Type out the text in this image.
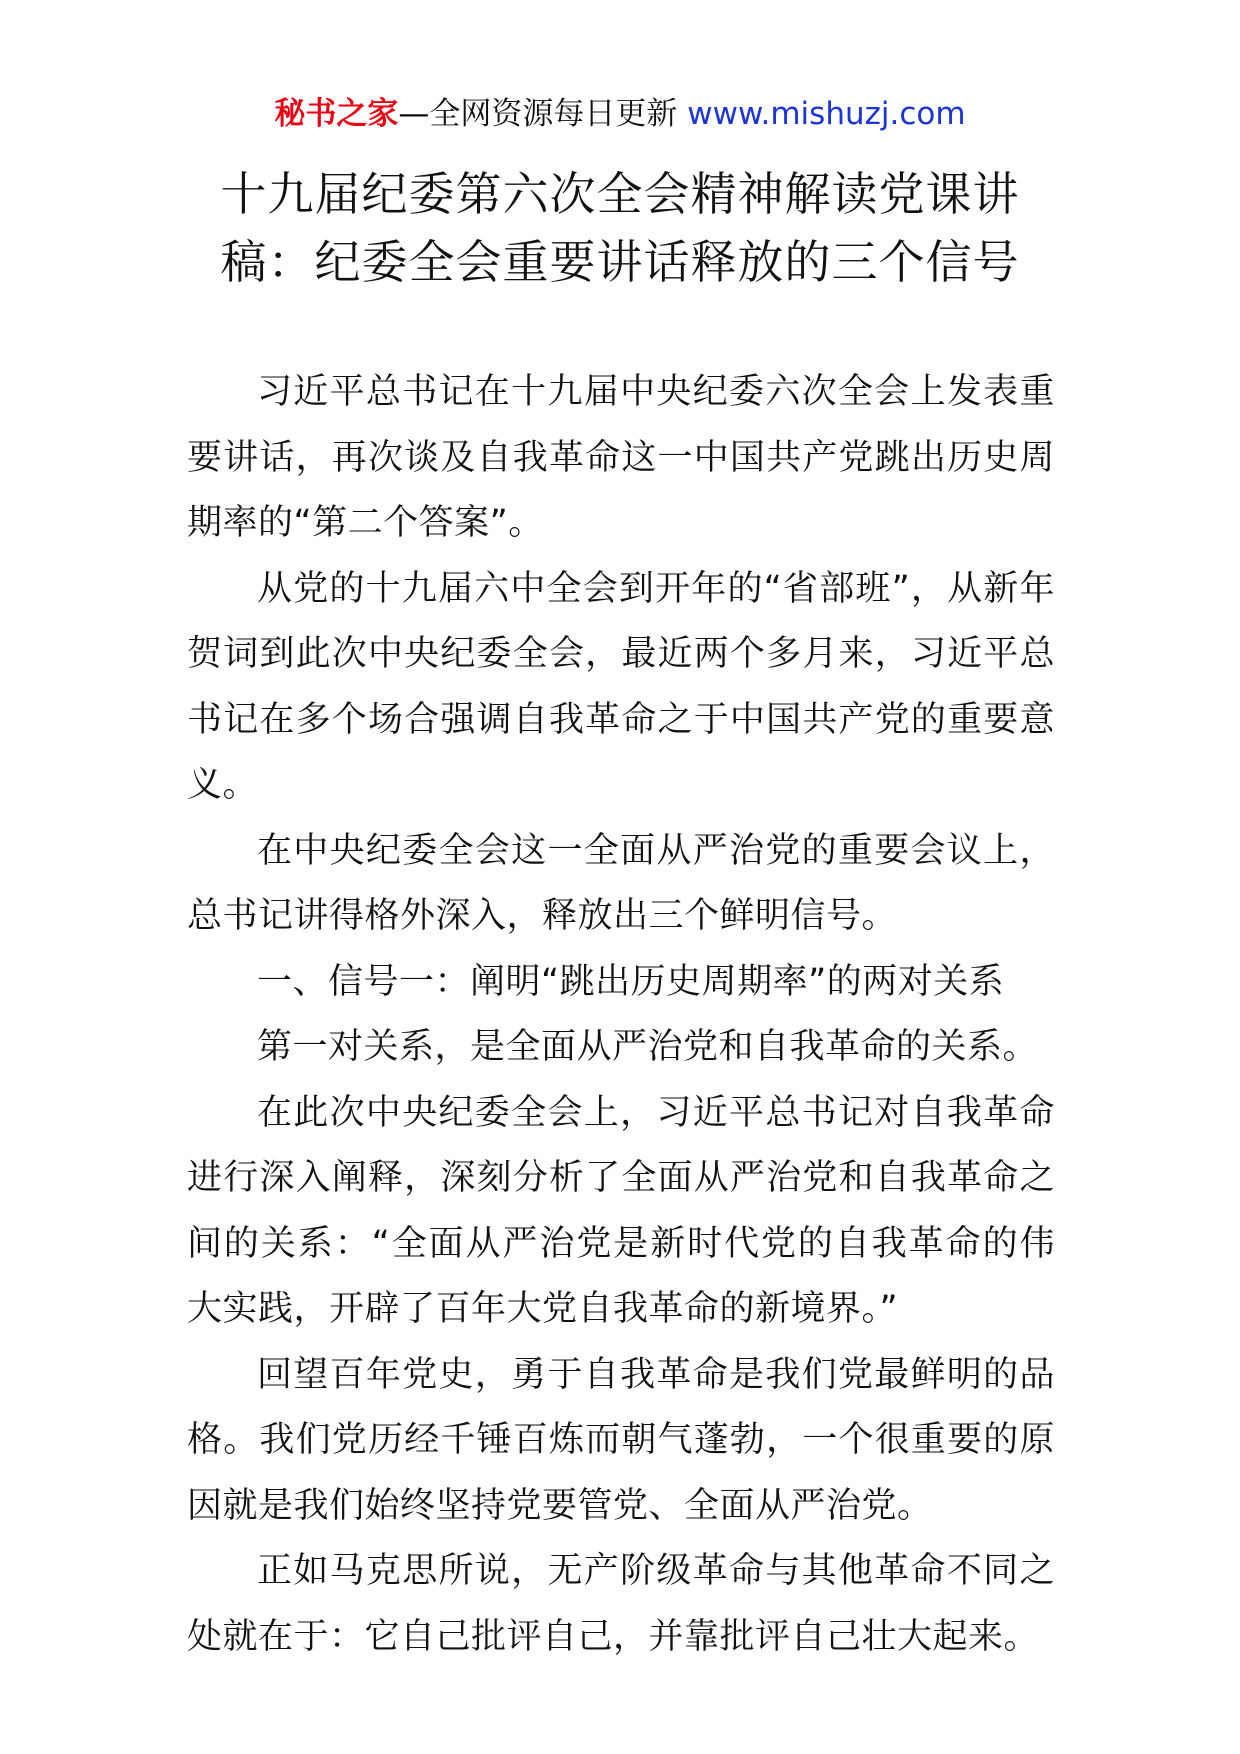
秘书之家—全网资源每日更新 www.mishuzj.com
十九届纪委第六次全会精神解读党课讲
稿：纪委全会重要讲话释放的三个信号

习近平总书记在十九届中央纪委六次全会上发表重要讲话，再次谈及自我革命这一中国共产党跳出历史周期率的“第二个答案”。

从党的十九届六中全会到开年的“省部班”，从新年贺词到此次中央纪委全会，最近两个多月来，习近平总书记在多个场合强调自我革命之于中国共产党的重要意义。

在中央纪委全会这一全面从严治党的重要会议上，总书记讲得格外深入，释放出三个鲜明信号。

一、信号一：阐明“跳出历史周期率”的两对关系

第一对关系，是全面从严治党和自我革命的关系。

在此次中央纪委全会上，习近平总书记对自我革命进行深入阐释，深刻分析了全面从严治党和自我革命之间的关系：“全面从严治党是新时代党的自我革命的伟大实践，开辟了百年大党自我革命的新境界。”

回望百年党史，勇于自我革命是我们党最鲜明的品格。我们党历经千锤百炼而朝气蓬勃，一个很重要的原因就是我们始终坚持党要管党、全面从严治党。

正如马克思所说，无产阶级革命与其他革命不同之处就在于：它自己批评自己，并靠批评自己壮大起来。
